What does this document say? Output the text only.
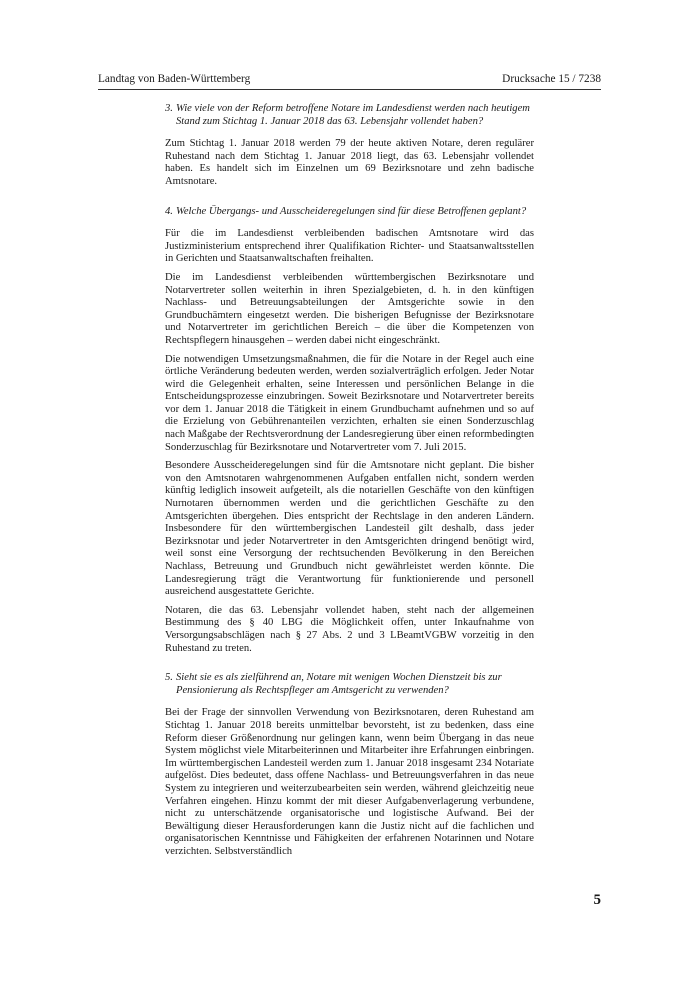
Landtag von Baden-Württemberg	Drucksache 15 / 7238

3. Wie viele von der Reform betroffene Notare im Landesdienst werden nach heutigem Stand zum Stichtag 1. Januar 2018 das 63. Lebensjahr vollendet haben?

Zum Stichtag 1. Januar 2018 werden 79 der heute aktiven Notare, deren regulärer Ruhestand nach dem Stichtag 1. Januar 2018 liegt, das 63. Lebensjahr vollendet haben. Es handelt sich im Einzelnen um 69 Bezirksnotare und zehn badische Amtsnotare.

4. Welche Übergangs- und Ausscheideregelungen sind für diese Betroffenen geplant?

Für die im Landesdienst verbleibenden badischen Amtsnotare wird das Justizministerium entsprechend ihrer Qualifikation Richter- und Staatsanwaltsstellen in Gerichten und Staatsanwaltschaften freihalten.

Die im Landesdienst verbleibenden württembergischen Bezirksnotare und Notarvertreter sollen weiterhin in ihren Spezialgebieten, d. h. in den künftigen Nachlass- und Betreuungsabteilungen der Amtsgerichte sowie in den Grundbuchämtern eingesetzt werden. Die bisherigen Befugnisse der Bezirksnotare und Notarvertreter im gerichtlichen Bereich – die über die Kompetenzen von Rechtspflegern hinausgehen – werden dabei nicht eingeschränkt.

Die notwendigen Umsetzungsmaßnahmen, die für die Notare in der Regel auch eine örtliche Veränderung bedeuten werden, werden sozialverträglich erfolgen. Jeder Notar wird die Gelegenheit erhalten, seine Interessen und persönlichen Belange in die Entscheidungsprozesse einzubringen. Soweit Bezirksnotare und Notarvertreter bereits vor dem 1. Januar 2018 die Tätigkeit in einem Grundbuchamt aufnehmen und so auf die Erzielung von Gebührenanteilen verzichten, erhalten sie einen Sonderzuschlag nach Maßgabe der Rechtsverordnung der Landesregierung über einen reformbedingten Sonderzuschlag für Bezirksnotare und Notarvertreter vom 7. Juli 2015.

Besondere Ausscheideregelungen sind für die Amtsnotare nicht geplant. Die bisher von den Amtsnotaren wahrgenommenen Aufgaben entfallen nicht, sondern werden künftig lediglich insoweit aufgeteilt, als die notariellen Geschäfte von den künftigen Nurnotaren übernommen werden und die gerichtlichen Geschäfte zu den Amtsgerichten übergehen. Dies entspricht der Rechtslage in den anderen Ländern. Insbesondere für den württembergischen Landesteil gilt deshalb, dass jeder Bezirksnotar und jeder Notarvertreter in den Amtsgerichten dringend benötigt wird, weil sonst eine Versorgung der rechtsuchenden Bevölkerung in den Bereichen Nachlass, Betreuung und Grundbuch nicht gewährleistet werden könnte. Die Landesregierung trägt die Verantwortung für funktionierende und personell ausreichend ausgestattete Gerichte.

Notaren, die das 63. Lebensjahr vollendet haben, steht nach der allgemeinen Bestimmung des § 40 LBG die Möglichkeit offen, unter Inkaufnahme von Versorgungsabschlägen nach § 27 Abs. 2 und 3 LBeamtVGBW vorzeitig in den Ruhestand zu treten.

5. Sieht sie es als zielführend an, Notare mit wenigen Wochen Dienstzeit bis zur Pensionierung als Rechtspfleger am Amtsgericht zu verwenden?

Bei der Frage der sinnvollen Verwendung von Bezirksnotaren, deren Ruhestand am Stichtag 1. Januar 2018 bereits unmittelbar bevorsteht, ist zu bedenken, dass eine Reform dieser Größenordnung nur gelingen kann, wenn beim Übergang in das neue System möglichst viele Mitarbeiterinnen und Mitarbeiter ihre Erfahrungen einbringen. Im württembergischen Landesteil werden zum 1. Januar 2018 insgesamt 234 Notariate aufgelöst. Dies bedeutet, dass offene Nachlass- und Betreuungsverfahren in das neue System zu integrieren und weiterzubearbeiten sein werden, während gleichzeitig neue Verfahren eingehen. Hinzu kommt der mit dieser Aufgabenverlagerung verbundene, nicht zu unterschätzende organisatorische und logistische Aufwand. Bei der Bewältigung dieser Herausforderungen kann die Justiz nicht auf die fachlichen und organisatorischen Kenntnisse und Fähigkeiten der erfahrenen Notarinnen und Notare verzichten. Selbstverständlich

5
